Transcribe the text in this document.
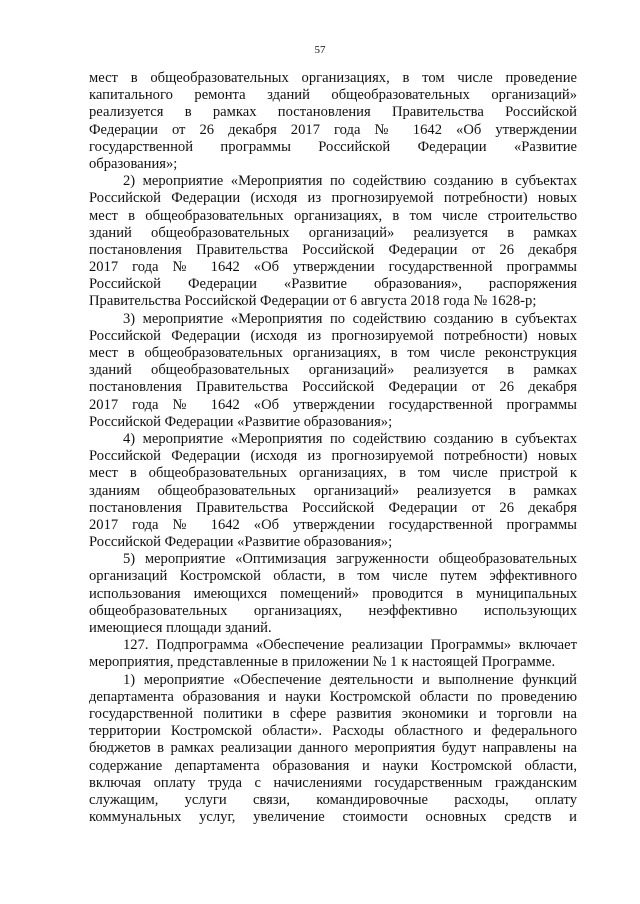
57
мест в общеобразовательных организациях, в том числе проведение
капитального ремонта зданий общеобразовательных организаций»
реализуется в рамках постановления Правительства Российской
Федерации от 26 декабря 2017 года № 1642 «Об утверждении
государственной программы Российской Федерации «Развитие
образования»;
2) мероприятие «Мероприятия по содействию созданию в субъектах
Российской Федерации (исходя из прогнозируемой потребности) новых
мест в общеобразовательных организациях, в том числе строительство
зданий общеобразовательных организаций» реализуется в рамках
постановления Правительства Российской Федерации от 26 декабря
2017 года № 1642 «Об утверждении государственной программы
Российской Федерации «Развитие образования», распоряжения
Правительства Российской Федерации от 6 августа 2018 года № 1628-р;
3) мероприятие «Мероприятия по содействию созданию в субъектах
Российской Федерации (исходя из прогнозируемой потребности) новых
мест в общеобразовательных организациях, в том числе реконструкция
зданий общеобразовательных организаций» реализуется в рамках
постановления Правительства Российской Федерации от 26 декабря
2017 года № 1642 «Об утверждении государственной программы
Российской Федерации «Развитие образования»;
4) мероприятие «Мероприятия по содействию созданию в субъектах
Российской Федерации (исходя из прогнозируемой потребности) новых
мест в общеобразовательных организациях, в том числе пристрой к
зданиям общеобразовательных организаций» реализуется в рамках
постановления Правительства Российской Федерации от 26 декабря
2017 года № 1642 «Об утверждении государственной программы
Российской Федерации «Развитие образования»;
5) мероприятие «Оптимизация загруженности общеобразовательных
организаций Костромской области, в том числе путем эффективного
использования имеющихся помещений» проводится в муниципальных
общеобразовательных организациях, неэффективно использующих
имеющиеся площади зданий.
127. Подпрограмма «Обеспечение реализации Программы» включает
мероприятия, представленные в приложении № 1 к настоящей Программе.
1) мероприятие «Обеспечение деятельности и выполнение функций
департамента образования и науки Костромской области по проведению
государственной политики в сфере развития экономики и торговли на
территории Костромской области». Расходы областного и федерального
бюджетов в рамках реализации данного мероприятия будут направлены на
содержание департамента образования и науки Костромской области,
включая оплату труда с начислениями государственным гражданским
служащим, услуги связи, командировочные расходы, оплату
коммунальных услуг, увеличение стоимости основных средств и
